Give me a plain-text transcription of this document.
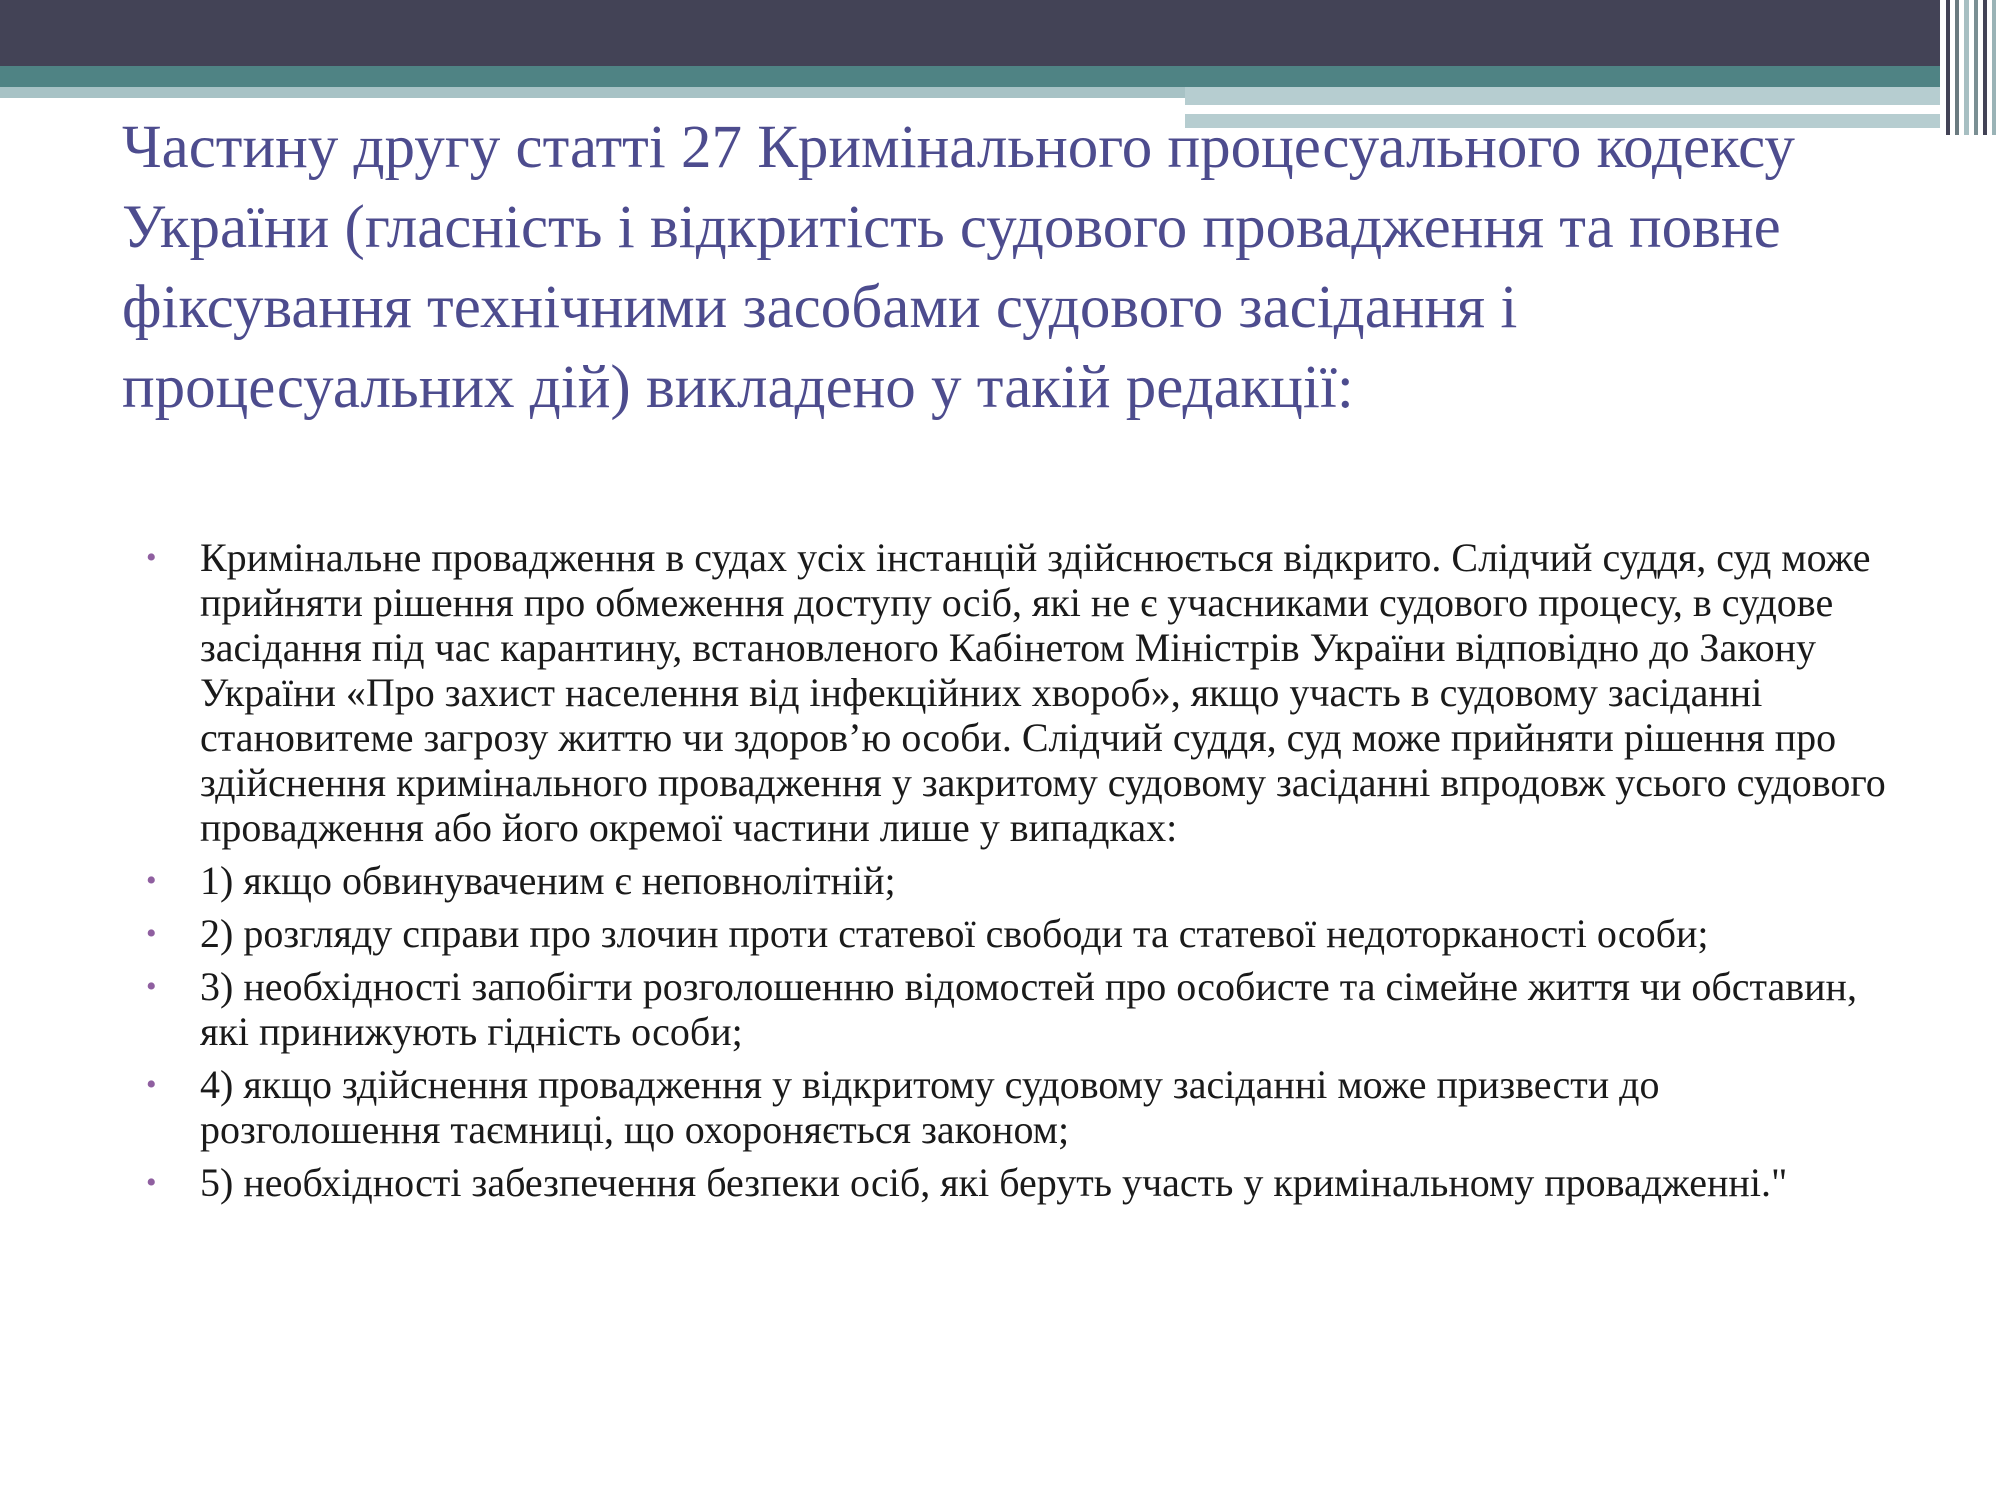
Частину другу статті 27 Кримінального процесуального кодексу України (гласність і відкритість судового провадження та повне фіксування технічними засобами судового засідання і процесуальних дій) викладено у такій редакції:
• Кримінальне провадження в судах усіх інстанцій здійснюється відкрито. Слідчий суддя, суд може прийняти рішення про обмеження доступу осіб, які не є учасниками судового процесу, в судове засідання під час карантину, встановленого Кабінетом Міністрів України відповідно до Закону України «Про захист населення від інфекційних хвороб», якщо участь в судовому засіданні становитеме загрозу життю чи здоров’ю особи. Слідчий суддя, суд може прийняти рішення про здійснення кримінального провадження у закритому судовому засіданні впродовж усього судового провадження або його окремої частини лише у випадках:
• 1) якщо обвинуваченим є неповнолітній;
• 2) розгляду справи про злочин проти статевої свободи та статевої недоторканості особи;
• 3) необхідності запобігти розголошенню відомостей про особисте та сімейне життя чи обставин, які принижують гідність особи;
• 4) якщо здійснення провадження у відкритому судовому засіданні може призвести до розголошення таємниці, що охороняється законом;
• 5) необхідності забезпечення безпеки осіб, які беруть участь у кримінальному провадженні."
